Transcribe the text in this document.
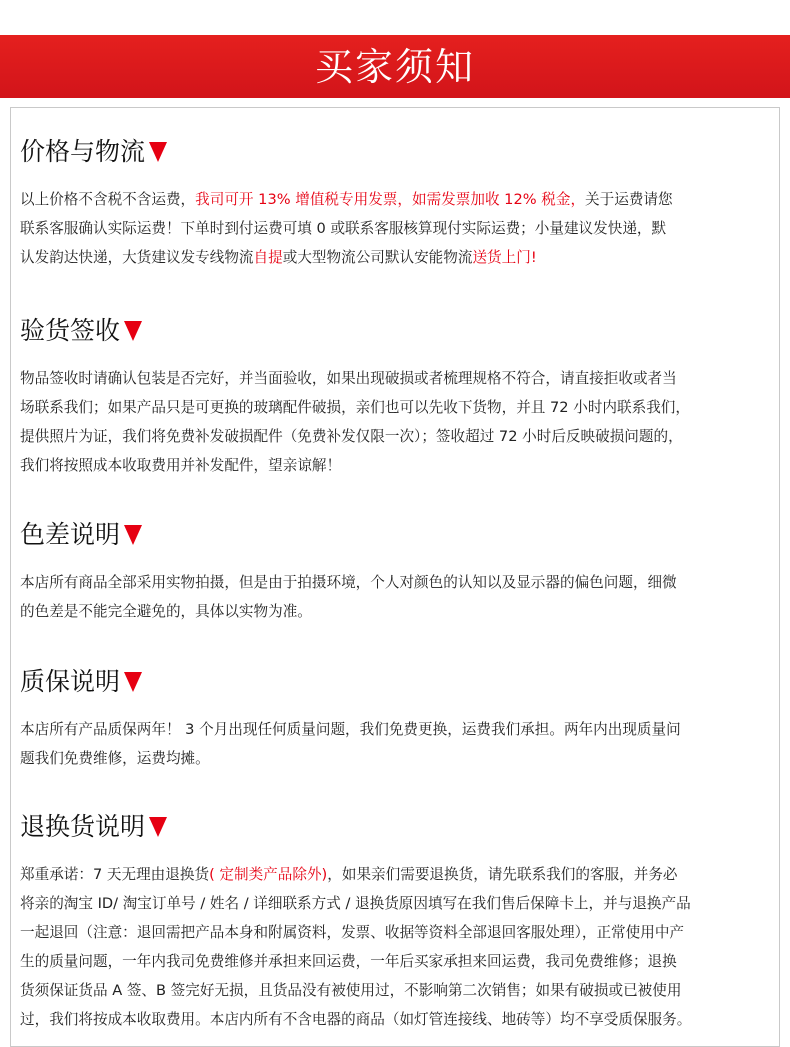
买家须知
价格与物流
以上价格不含税不含运费，我司可开 13% 增值税专用发票，如需发票加收 12% 税金，关于运费请您
联系客服确认实际运费！下单时到付运费可填 0 或联系客服核算现付实际运费；小量建议发快递，默
认发韵达快递，大货建议发专线物流自提或大型物流公司默认安能物流送货上门!
验货签收
物品签收时请确认包装是否完好，并当面验收，如果出现破损或者梳理规格不符合，请直接拒收或者当
场联系我们；如果产品只是可更换的玻璃配件破损，亲们也可以先收下货物，并且 72 小时内联系我们，
提供照片为证，我们将免费补发破损配件（免费补发仅限一次）；签收超过 72 小时后反映破损问题的，
我们将按照成本收取费用并补发配件，望亲谅解！
色差说明
本店所有商品全部采用实物拍摄，但是由于拍摄环境，个人对颜色的认知以及显示器的偏色问题，细微
的色差是不能完全避免的，具体以实物为准。
质保说明
本店所有产品质保两年！ 3 个月出现任何质量问题，我们免费更换，运费我们承担。两年内出现质量问
题我们免费维修，运费均摊。
退换货说明
郑重承诺：7 天无理由退换货( 定制类产品除外)，如果亲们需要退换货，请先联系我们的客服，并务必
将亲的淘宝 ID/ 淘宝订单号 / 姓名 / 详细联系方式 / 退换货原因填写在我们售后保障卡上，并与退换产品
一起退回（注意：退回需把产品本身和附属资料，发票、收据等资料全部退回客服处理），正常使用中产
生的质量问题，一年内我司免费维修并承担来回运费，一年后买家承担来回运费，我司免费维修；退换
货须保证货品 A 签、B 签完好无损，且货品没有被使用过，不影响第二次销售；如果有破损或已被使用
过，我们将按成本收取费用。本店内所有不含电器的商品（如灯管连接线、地砖等）均不享受质保服务。
